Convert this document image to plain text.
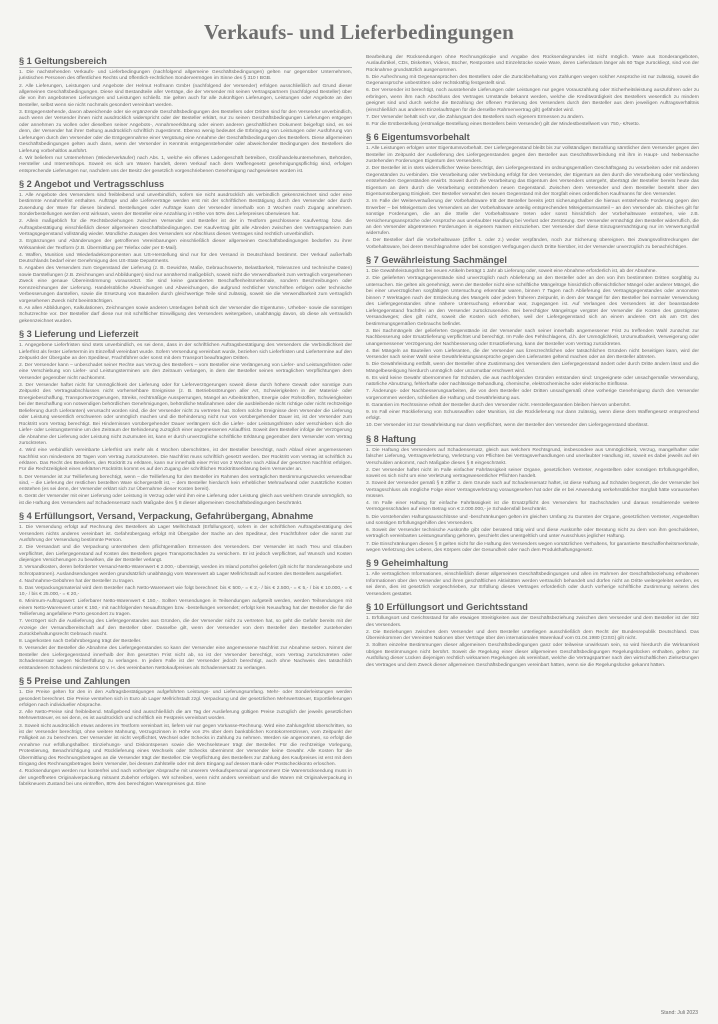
Verkaufs- und Lieferbedingungen
§ 1 Geltungsbereich

1. Die nachstehenden Verkaufs- und Lieferbedingungen (nachfolgend allgemeine Geschäftsbedingungen) gelten nur gegenüber Unternehmen, juristischen Personen des öffentlichen Rechts und öffentlich-rechtlichen Sondervermögen im Sinne des § 310 I BGB.

2. Alle Lieferungen, Leistungen und Angebote der Helmut Hofmann GmbH (nachfolgend der Versender) erfolgen ausschließlich auf Grund dieser allgemeinen Geschäftsbedingungen. Diese sind Bestandteile aller Verträge, die der Versender mit seinen Vertragspartnern (nachfolgend Besteller) über die von ihm angebotenen Lieferungen und Leistungen schließt. Sie gelten auch für alle zukünftigen Lieferungen, Leistungen oder Angebote an den Besteller, selbst wenn sie nicht nochmals gesondert vereinbart werden.

3. Entgegenstehende, davon abweichende oder sie ergänzende Geschäftsbedingungen des Bestellers oder Dritten sind für den Versender unverbindlich, auch wenn der Versender ihnen nicht ausdrücklich widerspricht oder der Besteller erklärt, nur zu seinen Geschäftsbedingungen Lieferungen entgegen oder annehmen zu wollen oder dieselben seiner Angebots-, Annahmeerklärung oder einem anderen geschäftlichen Dokument beigefügt sind, es sei denn, der Versender hat ihrer Geltung ausdrücklich schriftlich zugestimmt. Ebenso wenig bedeutet die Erbringung von Leistungen oder Ausführung von Lieferungen durch den Versender oder die Entgegennahme einer Vergütung eine Annahme der Geschäftsbedingungen des Bestellers. Diese allgemeinen Geschäftsbedingungen gelten auch dann, wenn der Versender in Kenntnis entgegenstehender oder abweichender Bedingungen des Bestellers die Lieferung vorbehaltlos ausführt.

4. Wir beliefern nur Unternehmen (Wiederverkäufer) nach Abs. 1, welche ein offenes Ladengeschäft betreiben, Großhandelsunternehmen, Behörden, Hersteller und Internetshops. Soweit es sich um Waren handelt, deren Verkauf nach dem Waffengesetz genehmigungspflichtig sind, erfolgen entsprechende Lieferungen nur, nachdem uns der Besitz der gesetzlich vorgeschriebenen Genehmigung nachgewiesen worden ist.

§ 2 Angebot und Vertragsschluss

1. Alle Angebote des Versenders sind freibleibend und unverbindlich, sofern sie nicht ausdrücklich als verbindlich gekennzeichnet sind oder eine bestimmte Annahmefrist enthalten. Aufträge und alle Lieferverträge werden erst mit der schriftlichen Bestätigung durch den Versender oder durch Zusendung der Ware für diesen bindend. Bestellungen oder Aufträge kann der Versender innerhalb von 3 Wochen nach Zugang annehmen. Sonderbestellungen werden erst wirksam, wenn der Besteller eine Anzahlung in Höhe von 50% des Lieferpreises überwiesen hat.

2. Allein maßgeblich für die Rechtsbeziehungen zwischen Versender und Besteller ist der in Textform geschlossene Kaufvertrag bzw. die Auftragsbestätigung einschließlich dieser allgemeinen Geschäftsbedingungen. Der Kaufvertrag gibt alle Abreden zwischen den Vertragsparteien zum Vertragsgegenstand vollständig wieder. Mündliche Zusagen des Versenders vor Abschluss dieses Vertrages sind rechtlich unverbindlich.

3. Ergänzungen und Abänderungen der getroffenen Vereinbarungen einschließlich dieser allgemeinen Geschäftsbedingungen bedürfen zu ihrer Wirksamkeit der Textform (z.B. Übermittlung per Telefax oder per E-Mail).

4. Waffen, Munition und Wiederladekomponenten aus US-Herstellung sind nur für den Versand in Deutschland bestimmt. Der Verkauf außerhalb Deutschlands bedarf einer Genehmigung des US-State Departments.

5. Angaben des Versenders zum Gegenstand der Lieferung (z. B. Gewichte, Maße, Gebrauchswerte, Belastbarkeit, Toleranzen und technische Daten) sowie Darstellungen (z.B. Zeichnungen und Abbildungen) sind nur annähernd maßgeblich, soweit nicht die Verwendbarkeit zum vertraglich vorgesehenen Zweck eine genaue Übereinstimmung voraussetzt. Sie sind keine garantierten Beschaffenheitsmerkmale, sondern Beschreibungen oder Kennzeichnungen der Lieferung. Handelsübliche Abweichungen und Abweichungen, die aufgrund rechtlicher Vorschriften erfolgen oder technische Verbesserungen darstellen, sowie die Ersetzung von Bauteilen durch gleichwertige Teile sind zulässig, soweit sie die Verwendbarkeit zum vertraglich vorgesehenen Zweck nicht beeinträchtigen.

6. An allen Abbildungen, Kalkulationen, Zeichnungen sowie anderen Unterlagen behält sich der Versender die Eigentums-, Urheber- sowie die sonstigen Schutzrechte vor. Der Besteller darf diese nur mit schriftlicher Einwilligung des Versenders weitergeben, unabhängig davon, ob diese als vertraulich gekennzeichnet wurden.

§ 3 Lieferung und Lieferzeit

1. Angegebene Lieferfristen sind stets unverbindlich, es sei denn, dass in der schriftlichen Auftragsbestätigung des Versenders die Verbindlichkeit der Lieferfrist als fester Liefertermin im Einzelfall vereinbart wurde. Sofern Versendung vereinbart wurde, beziehen sich Lieferfristen und Liefertermine auf den Zeitpunkt der Übergabe an den Spediteur, Frachtführer oder sonst mit dem Transport beauftragten Dritten.

2. Der Versender kann – unbeschadet seiner Rechte aus Verzug des Bestellers – vom Besteller eine Verlängerung von Liefer- und Leistungsfristen oder eine Verschiebung von Liefer- und Leistungsterminen um den Zeitraum verlangen, in dem der Besteller seinen vertraglichen Verpflichtungen dem Versender gegenüber nicht nachkommt.

3. Der Versender haftet nicht für Unmöglichkeit der Lieferung oder für Lieferverzögerungen soweit diese durch höhere Gewalt oder sonstige zum Zeitpunkt des Vertragsabschlusses nicht vorhersehbare Ereignisse (z. B. Betriebsstörungen aller Art, Schwierigkeiten in der Material- oder Energiebeschaffung, Transportverzögerungen, Streiks, rechtmäßige Aussperrungen, Mangel an Arbeitskräften, Energie oder Rohstoffen, Schwierigkeiten bei der Beschaffung von notwendigen behördlichen Genehmigungen, behördliche Maßnahmen oder die ausbleibende nicht richtige oder nicht rechtzeitige Belieferung durch Lieferanten) verursacht worden sind, die der Versender nicht zu vertreten hat. Sofern solche Ereignisse dem Versender die Lieferung oder Leistung wesentlich erschweren oder unmöglich machen und die Behinderung nicht nur von vorübergehender Dauer ist, ist der Versender zum Rücktritt vom Vertrag berechtigt. Bei Hindernissen vorübergehender Dauer verlängern sich die Liefer- oder Leistungsfristen oder verschieben sich die Liefer- oder Leistungstermine um den Zeitraum der Behinderung zuzüglich einer angemessenen Anlauffrist. Soweit dem Besteller infolge der Verzögerung die Abnahme der Lieferung oder Leistung nicht zuzumuten ist, kann er durch unverzügliche schriftliche Erklärung gegenüber dem Versender vom Vertrag zurücktreten.

4. Wird eine verbindlich vereinbarte Lieferfrist um mehr als 4 Wochen überschritten, ist der Besteller berechtigt, nach Ablauf einer angemessenen Nachfrist von mindestens 30 Tagen vom Vertrag zurückzutreten. Die Nachfrist muss schriftlich gesetzt werden. Der Rücktritt vom Vertrag ist schriftlich zu erklären. Das Recht des Bestellers, den Rücktritt zu erklären, kann nur innerhalb einer Frist von 2 Wochen nach Ablauf der gesetzten Nachfrist erfolgen. Für die Rechtzeitigkeit eines erklärten Rücktritts kommt es auf den Zugang der schriftlichen Rücktrittserklärung beim Versender an.

5. Der Versender ist zur Teillieferung berechtigt, wenn – die Teillieferung für den Besteller im Rahmen des vertraglichen Bestimmungszwecks verwendbar sind, – die Lieferung der restlichen bestellten Ware sichergestellt ist, – dem Besteller hierdurch kein erheblicher Mehraufwand oder zusätzliche Kosten entstehen (es sei denn, der Versender erklärt sich zur Übernahme dieser Kosten bereit).

6. Gerät der Versender mit einer Lieferung oder Leistung in Verzug oder wird ihm eine Lieferung oder Leistung gleich aus welchem Grunde unmöglich, so ist die Haftung des Versenders auf Schadensersatz nach Maßgabe des § 8 dieser allgemeinen Geschäftsbedingungen beschränkt.

§ 4 Erfüllungsort, Versand, Verpackung, Gefahrübergang, Abnahme

1. Die Versendung erfolgt auf Rechnung des Bestellers ab Lager Mellrichstadt (Erfüllungsort), sofern in der schriftlichen Auftragsbestätigung des Versenders nichts anderes vereinbart ist. Gefahrübergang erfolgt mit Übergabe der Sache an den Spediteur, den Frachtführer oder die sonst zur Ausführung der Versendung bestimmte Person.

2. Die Versandart und die Verpackung unterstehen dem pflichtgemäßen Ermessen des Versenders. Der Versender ist nach Treu und Glauben verpflichtet, den Liefergegenstand auf Kosten des Bestellers gegen Transportschäden zu versichern. Er ist jedoch verpflichtet, auf Wunsch und Kosten diejenigen Versicherungen zu bewirken, die der Besteller verlangt.

3. Versandkosten, deren beförderter Versand-Netto-Warenwert € 2.000,- übersteigt, werden im Inland portofrei geliefert (gilt nicht für Sonderangebote und Schrotpatronen). Auslandsendungen werden grundsätzlich unabhängig vom Warenwert ab Lager Mellrichstadt auf Kosten des Bestellers ausgeliefert.

4. Nachnahme-Gebühren hat der Besteller zu tragen.

5. Das Verpackungsmaterial wird dem Besteller nach Netto-Warenwert wie folgt berechnet: bis € 500,- = € 2,- / bis € 2.500,- = € 5,- / bis € 10.000,- = € 10,- / bis € 25.000,- = € 20,-

6. Minimum-Auftragswert: Lieferbarer Netto-Warenwert € 150,-. Sollten Versendungen in Teilsendungen aufgeteilt werden, werden Teilsendungen mit einem Netto-Warenwert unter € 150,- mit nachfolgenden Neuaufträgen bzw. -bestellungen versendet; erfolgt kein Neuauftrag hat der Besteller die für die Teillieferung angefallene Porto gesondert zu tragen.

7. Verzögert sich die Auslieferung des Liefergegenstandes aus Gründen, die der Versender nicht zu vertreten hat, so geht die Gefahr bereits mit der Anzeige der Versandbereitschaft auf den Besteller über. Dasselbe gilt, wenn der Versender von dem Besteller den Besteller zustehenden Zurückbehaltungsrecht Gebrauch macht.

8. Lagerkosten nach Gefahrübergang trägt der Besteller.

9. Versendet der Besteller die Abnahme des Liefergegenstandes so kann der Versender eine angemessene Nachfrist zur Abnahme setzen. Nimmt der Besteller den Liefergegenstand innerhalb der ihm gesetzten Frist nicht ab, so ist der Versender berechtigt, vom Vertrag zurückzutreten oder Schadensersatz wegen Nichterfüllung zu verlangen. In jedem Falle ist der Versender jedoch berechtigt, auch ohne Nachweis des tatsächlich entstandenen Schadens mindestens 10 v. H. des vereinbarten Nettokaufpreises als Schadensersatz zu verlangen.

§ 5 Preise und Zahlungen

1. Die Preise gelten für den in den Auftragsbestätigungen aufgeführten Leistungs- und Lieferungsumfang. Mehr- oder Sonderleistungen werden gesondert berechnet. Die Preise verstehen sich in Euro ab Lager Mellrichstadt zzgl. Verpackung und der gesetzlichen Mehrwertsteuer, Exportlieferungen erfolgen nach individueller Absprache.

2. Alle Netto-Preise sind freibleibend. Maßgebend sind ausschließlich die am Tag der Auslieferung gültigen Preise zuzüglich der jeweils gesetzlichen Mehrwertsteuer, es sei denn, es ist ausdrücklich und schriftlich ein Festpreis vereinbart worden.

3. Soweit nicht ausdrücklich etwas anderes im Textform vereinbart ist, liefern wir nur gegen Vorkasse-Rechnung. Wird eine Zahlungsfrist überschritten, so ist der Versender berechtigt, ohne weitere Mahnung, Verzugszinsen in Höhe von 2% über dem banküblichen Kontokorrentzinsen, vom Zeitpunkt der Fälligkeit an zu berechnen. Der Versender ist nicht verpflichtet, Wechsel oder Schecks in Zahlung zu nehmen. Werden sie angenommen, so erfolgt die Annahme nur erfüllungshalber. Einziehungs- und Diskontspesen sowie die Wechselsteuer trägt der Besteller. Für die rechtzeitige Vorlegung, Protestierung, Benachrichtigung und Rücklieferung eines Wechsels oder Schecks übernimmt der Versender keine Gewähr. Alle Kosten für die Übermittlung des Rechnungsbetrages an die Versender trägt der Besteller. Die Verpflichtung des Bestellers zur Zahlung des Kaufpreises ist erst mit dem Eingang des Rechnungsbetrages beim Versender, bei dessen Zahlstelle oder mit dem Eingang auf dessen Bank-oder Postscheckkonto erloschen.

4. Rücksendungen werden nur kostenfrei und nach vorheriger Absprache mit unserem Verkaufspersonal angenommen! Die Warenrücksendung muss in der ungeöffneten Originalverpackung mitsamt Zubehör erfolgen. Wir schreiben, wenn nicht anders vereinbart und die Waren mit Originalverpackung in fabrikneuem Zustand bei uns eintreffen, 80% des berechtigten Warenpreises gut. Eine

Bearbeitung der Rücksendungen ohne Rechnungskopie und Angabe des Rücksendegrundes ist nicht möglich. Ware aus Sonderangeboten, Auslaufartikel, CDs, Disketten, Videos, Bücher, Restposten und Einzelstücke sowie Ware, deren Lieferdatum länger als 60 Tage zurückliegt, sind von der Rücknahme grundsätzlich ausgenommen.

5. Die Aufrechnung mit Gegenansprüchen des Bestellers oder die Zurückbehaltung von Zahlungen wegen solcher Ansprüche ist nur zulässig, soweit die Gegenansprüche unbestritten oder rechtskräftig festgestellt sind.

6. Der Versender ist berechtigt, noch ausstehende Lieferungen oder Leistungen nur gegen Vorauszahlung oder Sicherheitsleistung auszuführen oder zu erbringen, wenn ihm nach Abschluss des Vertrages Umstände bekannt werden, welche die Kreditwürdigkeit des Bestellers wesentlich zu mindern geeignet sind und durch welche die Bezahlung der offenen Forderung des Versenders durch den Besteller aus dem jeweiligen Auftragsverhältnis (einschließlich aus anderen Einzelaufträgen für die derselbe Rahmenvertrag gilt) gefährdet wird.

7. Der Versender behält sich vor, die Zahlungsart des Bestellers nach eigenem Ermessen zu ändern.

8. Für die Erstbestellung (erstmalige Bestellung eines Bestellers beim Versender) gilt der Mindestbestellwert von 750,- €/Netto.

§ 6 Eigentumsvorbehalt

1. Alle Leistungen erfolgen unter Eigentumsvorbehalt. Der Liefergegenstand bleibt bis zur vollständigen Bezahlung sämtlicher dem Versender gegen den Besteller im Zeitpunkt der Auslieferung des Liefergegenstandes gegen den Besteller aus Geschäftsverbindung mit ihm in Haupt- und Nebensache zustehenden Forderungen Eigentum des Versenders.

2. Der Besteller ist in stets widerruflicher Weise berechtigt, den Liefergegenstand im ordnungsgemäßen Geschäftsgang zu verarbeiten oder mit anderen Gegenständen zu verbinden. Die Verarbeitung oder Verbindung erfolgt für den Versender, der Eigentum an den durch die Verarbeitung oder Verbindung entstehenden Gegenständen erwirbt. Soweit durch die Verarbeitung das Eigentum des Versenders untergeht, überträgt der Besteller bereits heute das Eigentum an dem durch die Verarbeitung entstehenden neuen Gegenstand. Zwischen dem Versender und dem Besteller besteht über den Eigentumsübergang Einigkeit. Der Besteller verwahrt den neuen Gegenstand mit der Sorgfalt eines ordentlichen Kaufmanns für den Versender.

3. Im Falle der Weiterveräußerung der Vorbehaltsware tritt der Besteller bereits jetzt sicherungshalber die hieraus entstehende Forderung gegen den Erwerber – bei Miteigentum des Versenders an der Vorbehaltsware anteilig entsprechenden Miteigentumsanteil – an den Versender ab. Gleiches gilt für sonstige Forderungen, die an die Stelle der Vorbehaltsware treten oder sonst hinsichtlich der Vorbehaltsware entstehen, wie z.B. Versicherungsansprüche oder Ansprüche aus unerlaubter Handlung bei Verlust oder Zerstörung. Der Versender ermächtigt den Besteller widerruflich, die an den Versender abgetretenen Forderungen in eigenem Namen einzuziehen. Der Versender darf diese Einzugsermächtigung nur im Verwertungsfall widerrufen.

4. Der Besteller darf die Vorbehaltsware (Ziffer 1. oder 2.) weder verpfänden, noch zur Sicherung übereignen. Bei Zwangsvollstreckungen der Vorbehaltsware, bei deren Beschlagnahme oder bei sonstigen Verfügungen durch Dritte hierüber, ist der Versender unverzüglich zu benachrichtigen.

§ 7 Gewährleistung Sachmängel

1. Die Gewährleistungsfrist bei neuen Artikeln beträgt 1 Jahr ab Lieferung oder, soweit eine Abnahme erforderlich ist, ab der Abnahme.

2. Die gelieferten Vertragsgegenstände sind unverzüglich nach Ablieferung an den Besteller oder an den von ihm bestimmten Dritten sorgfältig zu untersuchen. Sie gelten als genehmigt, wenn der Besteller nicht eine schriftliche Mängelrüge hinsichtlich offensichtlicher Mängel oder anderer Mängel, die bei einer unverzüglichen sorgfältigen Untersuchung erkennbar waren, binnen 7 Tagen nach Ablieferung des Vertragsgegenstandes oder ansonsten binnen 7 Werktagen nach der Entdeckung des Mangels oder jedem früheren Zeitpunkt, in dem der Mangel für den Besteller bei normaler Verwendung des Liefergegenstandes ohne nähere Untersuchung erkennbar war, zugegangen ist. Auf Verlangen des Versenders ist der beanstandete Liefergegenstand frachtfrei an den Versender zurückzusenden. Bei berechtigter Mängelrüge vergütet der Versender die Kosten des günstigsten Versandweges; dies gilt nicht, soweit die Kosten sich erhöhen, weil der Liefergegenstand sich an einem anderen Ort als am Ort des bestimmungsgemäßen Gebrauchs befindet.

3. Bei Sachmängeln der gelieferten Gegenstände ist der Versender nach seiner innerhalb angemessener Frist zu treffenden Wahl zunächst zur Nachbesserung oder Ersatzlieferung verpflichtet und berechtigt. Im Falle des Fehlschlagens, d.h. der Unmöglichkeit, Unzumutbarkeit, Verweigerung oder unangemessener Verzögerung der Nachbesserung oder Ersatzlieferung, kann der Besteller vom Vertrag zurücktreten.

4. Bei Mängeln an Bauteilen vom Lieferanten, die der Versender aus lizenzrechtlichen oder tatsächlichen Gründen nicht beseitigen kann, wird der Versender nach seiner Wahl seine Gewährleistungsansprüche gegen den Lieferanten geltend machen oder an den Besteller abtreten.

5. Die Gewährleistung entfällt, wenn der Besteller ohne Zustimmung des Versenders den Liefergegenstand ändert oder durch Dritte ändern lässt und die Mängelbeseitigung hierdurch unmöglich oder unzumutbar erschwert wird.

6. Es wird keine Gewähr übernommen für Schäden, die aus nachfolgenden Gründen entstanden sind: Ungeeignete oder unsachgemäße Verwendung, natürliche Abnutzung, fehlerhafte oder nachlässige Behandlung, chemische, elektrochemische oder elektrische Einflüsse.

7. Änderungs- oder Nachbesserungsarbeiten, die von dem Besteller oder Dritten unsachgemäß ohne vorherige Genehmigung durch den Versender vorgenommen werden, schließen die Haftung und Gewährleistung aus.

8. Garantien im Rechtssinne erhält der Besteller durch den Versender nicht. Herstellergarantien bleiben hiervon unberührt.

9. Im Fall einer Rücklieferung von Schusswaffen oder Munition, ist die Rücklieferung nur dann zulässig, wenn diese dem Waffengesetz entsprechend erfolgt.

10. Der Versender ist zur Gewährleistung nur dann verpflichtet, wenn der Besteller den Versender den Liefergegenstand überlässt.

§ 8 Haftung

1. Die Haftung des Versenders auf Schadensersatz, gleich aus welchem Rechtsgrund, insbesondere aus Unmöglichkeit, Verzug, mangelhafter oder falscher Lieferung, Vertragsverletzung, Verletzung von Pflichten bei Vertragsverhandlungen und unerlaubter Handlung ist, soweit es dabei jeweils auf ein Verschulden ankommt, nach Maßgabe dieses § 8 eingeschränkt.

2. Der Versender haftet nicht im Falle einfacher Fahrlässigkeit seiner Organe, gesetzlichen Vertreter, Angestellten oder sonstigen Erfüllungsgehilfen, soweit es sich nicht um eine Verletzung vertragswesentlicher Pflichten handelt.

3. Soweit der Versender gemäß § 8 Ziffer 2. dem Grunde nach auf Schadensersatz haftet, ist diese Haftung auf Schäden begrenzt, die der Versender bei Vertragsschluss als mögliche Folge einer Vertragsverletzung vorausgesehen hat oder die er bei Anwendung verkehrsüblicher Sorgfalt hätte voraussehen müssen.

4. Im Falle einer Haftung für einfache Fahrlässigkeit ist die Ersatzpflicht des Versenders für Sachschäden und daraus resultierende weitere Vermögensschäden auf einen Betrag von € 2.000.000,- je Schadensfall beschränkt.

5. Die vorstehenden Haftungsausschlüsse und -beschränkungen gelten im gleichen Umfang zu Gunsten der Organe, gesetzlichen Vertreter, Angestellten und sonstigen Erfüllungsgehilfen des Versenders.

6. Soweit der Versender technische Auskünfte gibt oder beratend tätig wird und diese Auskünfte oder Beratung nicht zu dem von ihm geschuldeten, vertraglich vereinbarten Leistungsumfang gehören, geschieht dies unentgeltlich und unter Ausschluss jeglicher Haftung.

7. Die Einschränkungen dieses § 8 gelten nicht für die Haftung des Versenders wegen vorsätzlichen Verhaltens, für garantierte Beschaffenheitsmerkmale, wegen Verletzung des Lebens, des Körpers oder der Gesundheit oder nach dem Produkthaftungsgesetz.

§ 9 Geheimhaltung

1. Alle vertraglichen Informationen, einschließlich dieser allgemeinen Geschäftsbedingungen und allen im Rahmen der Geschäftsbeziehung erhaltenen Informationen über den Versender und ihren geschäftlichen Aktivitäten werden vertraulich behandelt und dürfen nicht an Dritte weitergeleitet werden, es sei denn, dies ist gesetzlich vorgeschrieben, zur Erfüllung dieses Vertrages erforderlich oder durch vorherige schriftliche Zustimmung seitens des Versenders gestattet.

§ 10 Erfüllungsort und Gerichtsstand

1. Erfüllungsort und Gerichtsstand für alle etwaigen Streitigkeiten aus der Geschäftsbeziehung zwischen dem Versender und dem Besteller ist der Sitz des Versenders.

2. Die Beziehungen zwischen dem Versender und dem Besteller unterliegen ausschließlich dem Recht der Bundesrepublik Deutschland. Das Übereinkommen der Vereinten Nationen über Verträge über den internationalen Warenkauf vom 01.04.1980 (CISG) gilt nicht.

3. Sollten einzelne Bestimmungen dieser allgemeinen Geschäftsbedingungen ganz oder teilweise unwirksam sein, so wird hierdurch die Wirksamkeit übrigen Bestimmungen nicht berührt. Soweit die Regelung einer dieser allgemeinen Geschäftsbedingungen Regelungslücken enthalten, gelten zur Ausfüllung dieser Lücken diejenigen rechtlich wirksamen Regelungen als vereinbart, welche die Vertragspartner nach den wirtschaftlichen Zielsetzungen des Vertrages und dem Zweck dieser allgemeinen Geschäftsbedingungen vereinbart hätten, wenn sie die Regelungslücke gekannt hätten.

Stand: Juli 2023
